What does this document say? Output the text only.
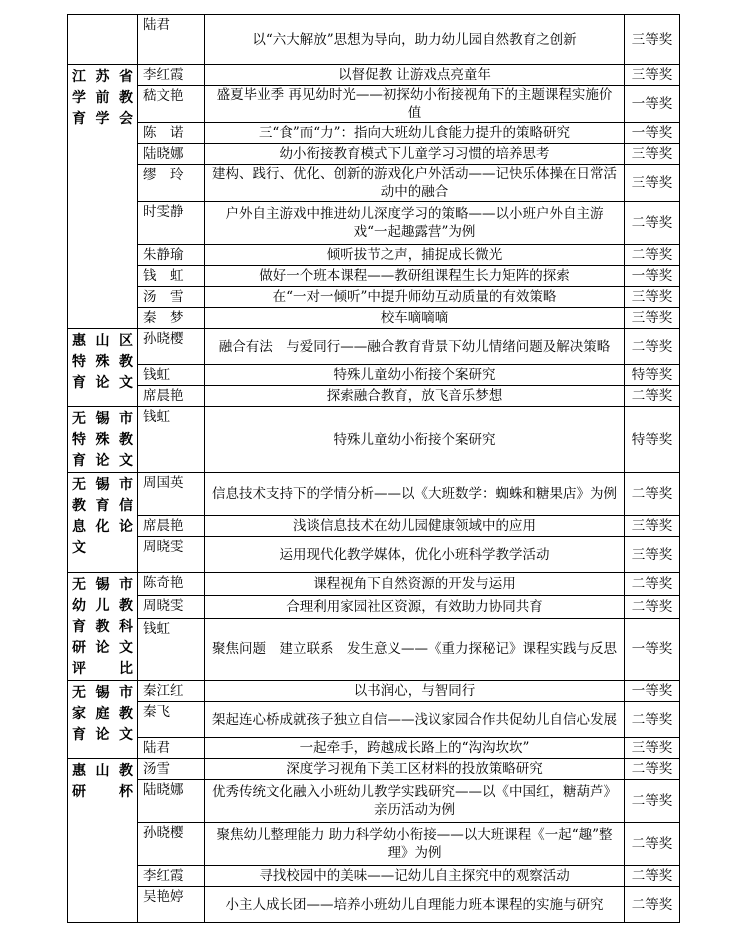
	陆君	以“六大解放”思想为导向，助力幼儿园自然教育之创新	三等奖

江苏省
学前教
育学会	李红霞	以督促教 让游戏点亮童年	三等奖
	嵇文艳	盛夏毕业季 再见幼时光——初探幼小衔接视角下的主题课程实施价值	一等奖
	陈　诺	三“食”而“力”：指向大班幼儿食能力提升的策略研究	一等奖
	陆晓娜	幼小衔接教育模式下儿童学习习惯的培养思考	三等奖
	缪　玲	建构、践行、优化、创新的游戏化户外活动——记快乐体操在日常活动中的融合	三等奖
	时雯静	户外自主游戏中推进幼儿深度学习的策略——以小班户外自主游戏“一起趣露营”为例	二等奖
	朱静瑜	倾听拔节之声，捕捉成长微光	二等奖
	钱　虹	做好一个班本课程——教研组课程生长力矩阵的探索	一等奖
	汤　雪	在“一对一倾听”中提升师幼互动质量的有效策略	三等奖
	秦　梦	校车嘀嘀嘀	三等奖

惠山区
特殊教
育论文	孙晓樱	融合有法　与爱同行——融合教育背景下幼儿情绪问题及解决策略	二等奖
	钱虹	特殊儿童幼小衔接个案研究	特等奖
	席晨艳	探索融合教育，放飞音乐梦想	二等奖

无锡市
特殊教
育论文	钱虹	特殊儿童幼小衔接个案研究	特等奖

无锡市
教育信
息化论
文	周国英	信息技术支持下的学情分析——以《大班数学：蜘蛛和糖果店》为例	二等奖
	席晨艳	浅谈信息技术在幼儿园健康领域中的应用	三等奖
	周晓雯	运用现代化教学媒体，优化小班科学教学活动	三等奖

无锡市
幼儿教
育教科
研论文
评比	陈奇艳	课程视角下自然资源的开发与运用	二等奖
	周晓雯	合理利用家园社区资源，有效助力协同共育	二等奖
	钱虹	聚焦问题　建立联系　发生意义——《重力探秘记》课程实践与反思	一等奖

无锡市
家庭教
育论文	秦江红	以书润心，与智同行	一等奖
	秦飞	架起连心桥成就孩子独立自信——浅议家园合作共促幼儿自信心发展	二等奖
	陆君	一起牵手，跨越成长路上的“沟沟坎坎”	三等奖

惠山教
研杯	汤雪	深度学习视角下美工区材料的投放策略研究	二等奖
	陆晓娜	优秀传统文化融入小班幼儿教学实践研究——以《中国红，糖葫芦》亲历活动为例	二等奖
	孙晓樱	聚焦幼儿整理能力 助力科学幼小衔接——以大班课程《一起“趣”整理》为例	二等奖
	李红霞	寻找校园中的美味——记幼儿自主探究中的观察活动	二等奖
	吴艳婷	小主人成长团——培养小班幼儿自理能力班本课程的实施与研究	二等奖
